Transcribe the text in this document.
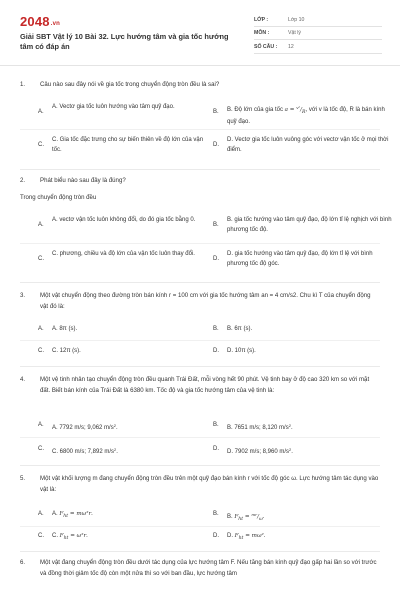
2048.vn
Giải SBT Vật lý 10 Bài 32. Lực hướng tâm và gia tốc hướng tâm có đáp án
LỚP :	Lớp 10
MÔN :	Vật lý
SỐ CÂU : 12
1. Câu nào sau đây nói về gia tốc trong chuyển động tròn đều là sai?
A.
A. Vectơ gia tốc luôn hướng vào tâm quỹ đạo.
B. B. Độ lớn của gia tốc $a = ^{v^2}/_R$, với v là tốc độ, R là bán kính quỹ đạo.
C.
C. Gia tốc đặc trưng cho sự biến thiên về độ lớn của vận tốc.
D.
D. Vectơ gia tốc luôn vuông góc với vectơ vận tốc ở mọi thời điểm.
2. Phát biểu nào sau đây là đúng?
Trong chuyển động tròn đều
A.
A. vectơ vận tốc luôn không đổi, do đó gia tốc bằng 0.
B.
B. gia tốc hướng vào tâm quỹ đạo, độ lớn tỉ lệ nghịch với bình phương tốc độ.
C.
C. phương, chiều và độ lớn của vận tốc luôn thay đổi.
D.
D. gia tốc hướng vào tâm quỹ đạo, độ lớn tỉ lệ với bình phương tốc độ góc.
3. Một vật chuyển động theo đường tròn bán kính r = 100 cm với gia tốc hướng tâm an = 4 cm/s2. Chu kì T của chuyển động vật đó là:
A. A. 8π (s).	B. B. 6π (s).
C. C. 12π (s).	D. D. 10π (s).
4. Một vệ tinh nhân tạo chuyển động tròn đều quanh Trái Đất, mỗi vòng hết 90 phút. Vệ tinh bay ở độ cao 320 km so với mặt đất. Biết bán kính của Trái Đất là 6380 km. Tốc độ và gia tốc hướng tâm của vệ tinh là:
A. A. 7792 m/s; 9,062 $m/s^2$.	B. B. 7651 m/s; 8,120 $m/s^2$.
C. C. 6800 m/s; 7,892 $m/s^2$.	D. D. 7902 m/s; 8,960 $m/s^2$.
5. Một vật khối lượng m đang chuyển động tròn đều trên một quỹ đạo bán kính r với tốc độ góc ω. Lực hướng tâm tác dụng vào vật là:
A. A. $F_{ht} = m\omega^2r$.	B. B. $F_{ht} = ^{mr}/_\omega$.
C. C. $F_{ht} = \omega^2r$.	D. D. $F_{ht} = m\omega^2$.
6. Một vật đang chuyển động tròn đều dưới tác dụng của lực hướng tâm F. Nếu tăng bán kính quỹ đạo gấp hai lần so với trước và đồng thời giảm tốc độ còn một nửa thì so với ban đầu, lực hướng tâm
